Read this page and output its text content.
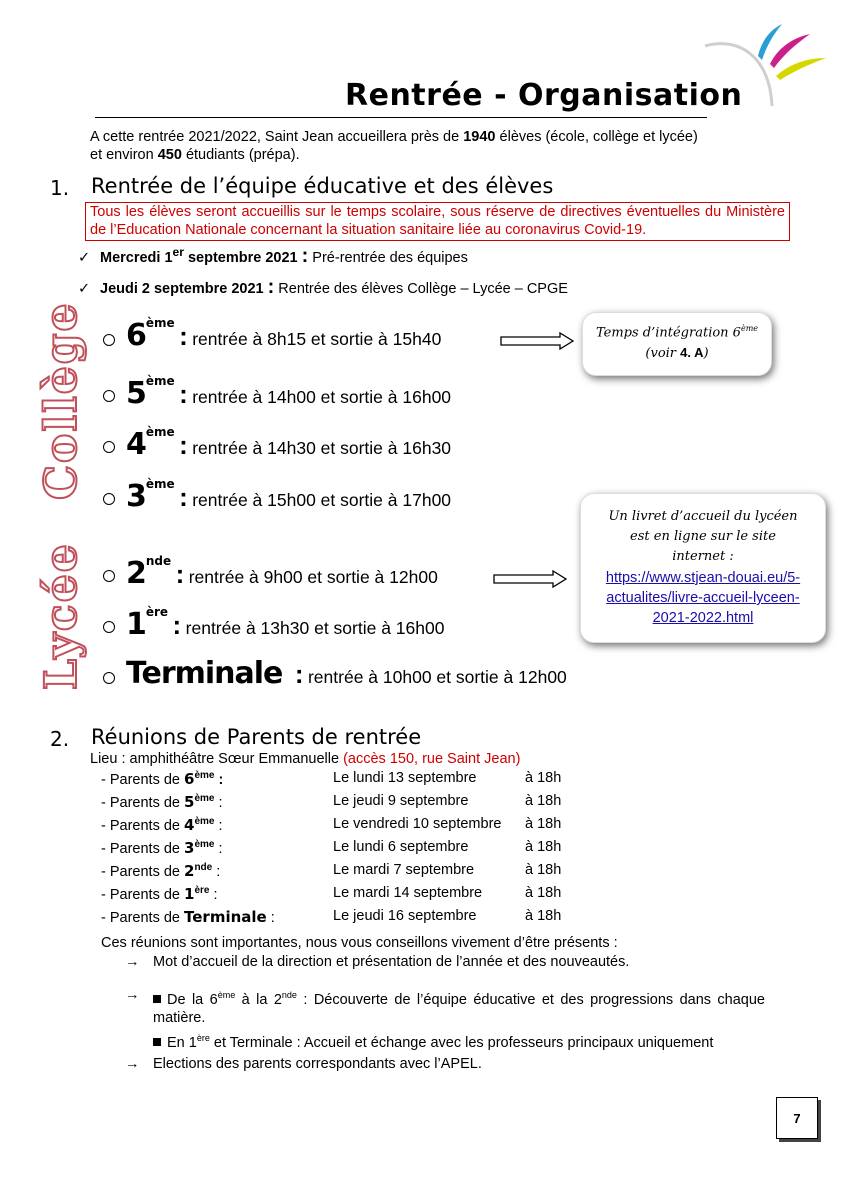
Rentrée - Organisation
A cette rentrée 2021/2022, Saint Jean accueillera près de 1940 élèves (école, collège et lycée)
et environ 450 étudiants (prépa).
1. Rentrée de l’équipe éducative et des élèves
Tous les élèves seront accueillis sur le temps scolaire, sous réserve de directives éventuelles du Ministère de l’Education Nationale concernant la situation sanitaire liée au coronavirus Covid-19.
✓ Mercredi 1er septembre 2021 : Pré-rentrée des équipes
✓ Jeudi 2 septembre 2021 : Rentrée des élèves Collège – Lycée – CPGE
Collège
Lycée
6ème : rentrée à 8h15 et sortie à 15h40
5ème : rentrée à 14h00 et sortie à 16h00
4ème : rentrée à 14h30 et sortie à 16h30
3ème : rentrée à 15h00 et sortie à 17h00
2nde : rentrée à 9h00 et sortie à 12h00
1ère : rentrée à 13h30 et sortie à 16h00
Terminale : rentrée à 10h00 et sortie à 12h00
Temps d’intégration 6ème
(voir 4. A)
Un livret d’accueil du lycéen
est en ligne sur le site internet :
https://www.stjean-douai.eu/5-actualites/livre-accueil-lyceen-2021-2022.html
2. Réunions de Parents de rentrée
Lieu : amphithéâtre Sœur Emmanuelle (accès 150, rue Saint Jean)
- Parents de 6ème :	Le lundi 13 septembre	à 18h
- Parents de 5ème :	Le jeudi 9 septembre	à 18h
- Parents de 4ème :	Le vendredi 10 septembre à 18h
- Parents de 3ème :	Le lundi 6 septembre	à 18h
- Parents de 2nde :	Le mardi 7 septembre	à 18h
- Parents de 1ère :	Le mardi 14 septembre	à 18h
- Parents de Terminale :	Le jeudi 16 septembre	à 18h
Ces réunions sont importantes, nous vous conseillons vivement d’être présents :
→ Mot d’accueil de la direction et présentation de l’année et des nouveautés.
→	De la 6ème à la 2nde : Découverte de l’équipe éducative et des progressions dans chaque matière.
En 1ère et Terminale : Accueil et échange avec les professeurs principaux uniquement
→ Elections des parents correspondants avec l’APEL.
7
